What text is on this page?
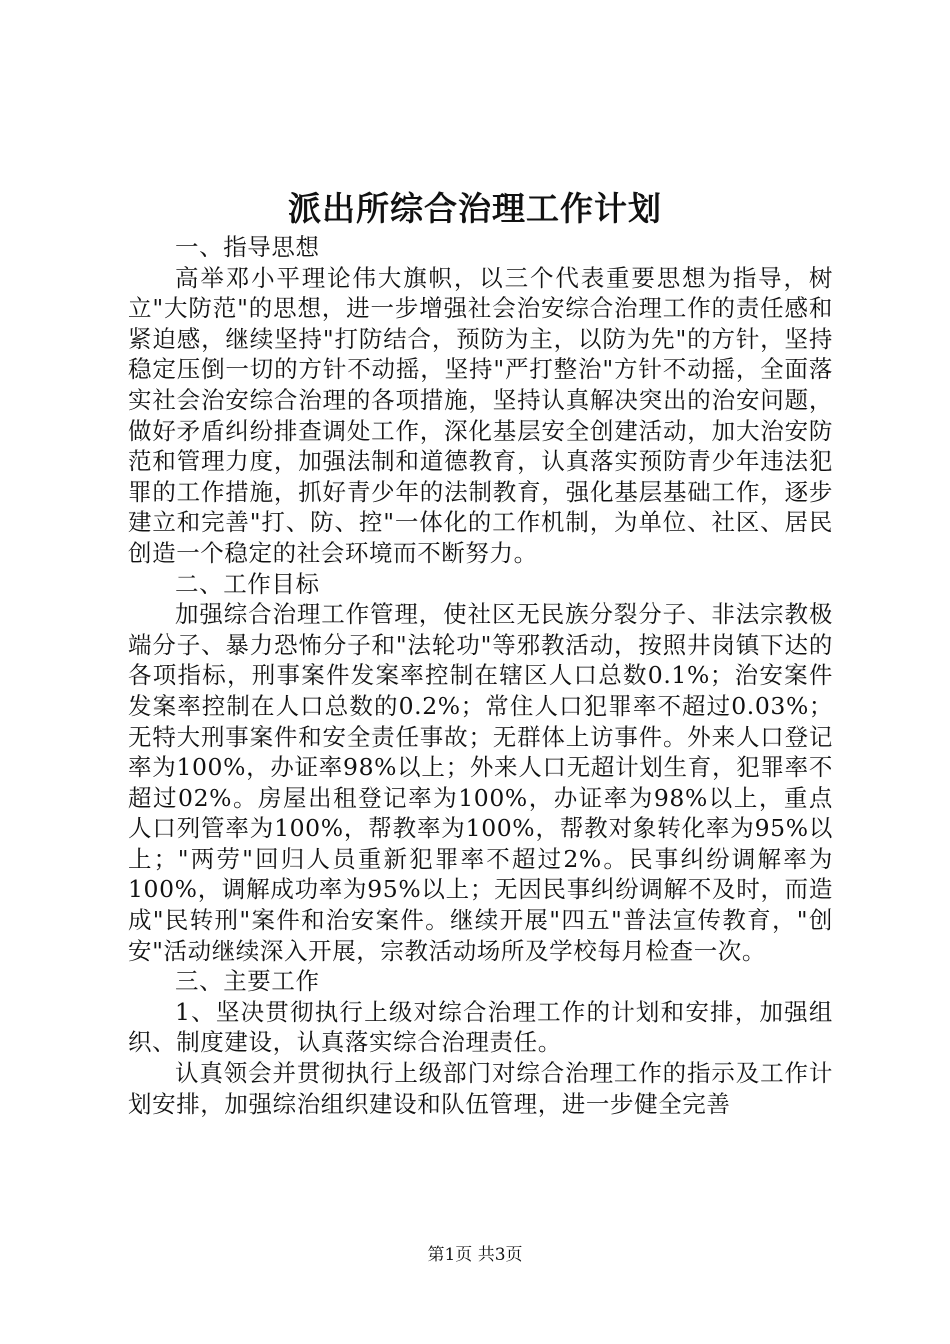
派出所综合治理工作计划

一、指导思想

高举邓小平理论伟大旗帜，以三个代表重要思想为指导，树立"大防范"的思想，进一步增强社会治安综合治理工作的责任感和紧迫感，继续坚持"打防结合，预防为主，以防为先"的方针，坚持稳定压倒一切的方针不动摇，坚持"严打整治"方针不动摇，全面落实社会治安综合治理的各项措施，坚持认真解决突出的治安问题，做好矛盾纠纷排查调处工作，深化基层安全创建活动，加大治安防范和管理力度，加强法制和道德教育，认真落实预防青少年违法犯罪的工作措施，抓好青少年的法制教育，强化基层基础工作，逐步建立和完善"打、防、控"一体化的工作机制，为单位、社区、居民创造一个稳定的社会环境而不断努力。

二、工作目标

加强综合治理工作管理，使社区无民族分裂分子、非法宗教极端分子、暴力恐怖分子和"法轮功"等邪教活动，按照井岗镇下达的各项指标，刑事案件发案率控制在辖区人口总数0.1%；治安案件发案率控制在人口总数的0.2%；常住人口犯罪率不超过0.03%；无特大刑事案件和安全责任事故；无群体上访事件。外来人口登记率为100%，办证率98%以上；外来人口无超计划生育，犯罪率不超过02%。房屋出租登记率为100%，办证率为98%以上，重点人口列管率为100%，帮教率为100%，帮教对象转化率为95%以上；"两劳"回归人员重新犯罪率不超过2%。民事纠纷调解率为100%，调解成功率为95%以上；无因民事纠纷调解不及时，而造成"民转刑"案件和治安案件。继续开展"四五"普法宣传教育，"创安"活动继续深入开展，宗教活动场所及学校每月检查一次。

三、主要工作

1、坚决贯彻执行上级对综合治理工作的计划和安排，加强组织、制度建设，认真落实综合治理责任。

认真领会并贯彻执行上级部门对综合治理工作的指示及工作计划安排，加强综治组织建设和队伍管理，进一步健全完善

第1页 共3页
